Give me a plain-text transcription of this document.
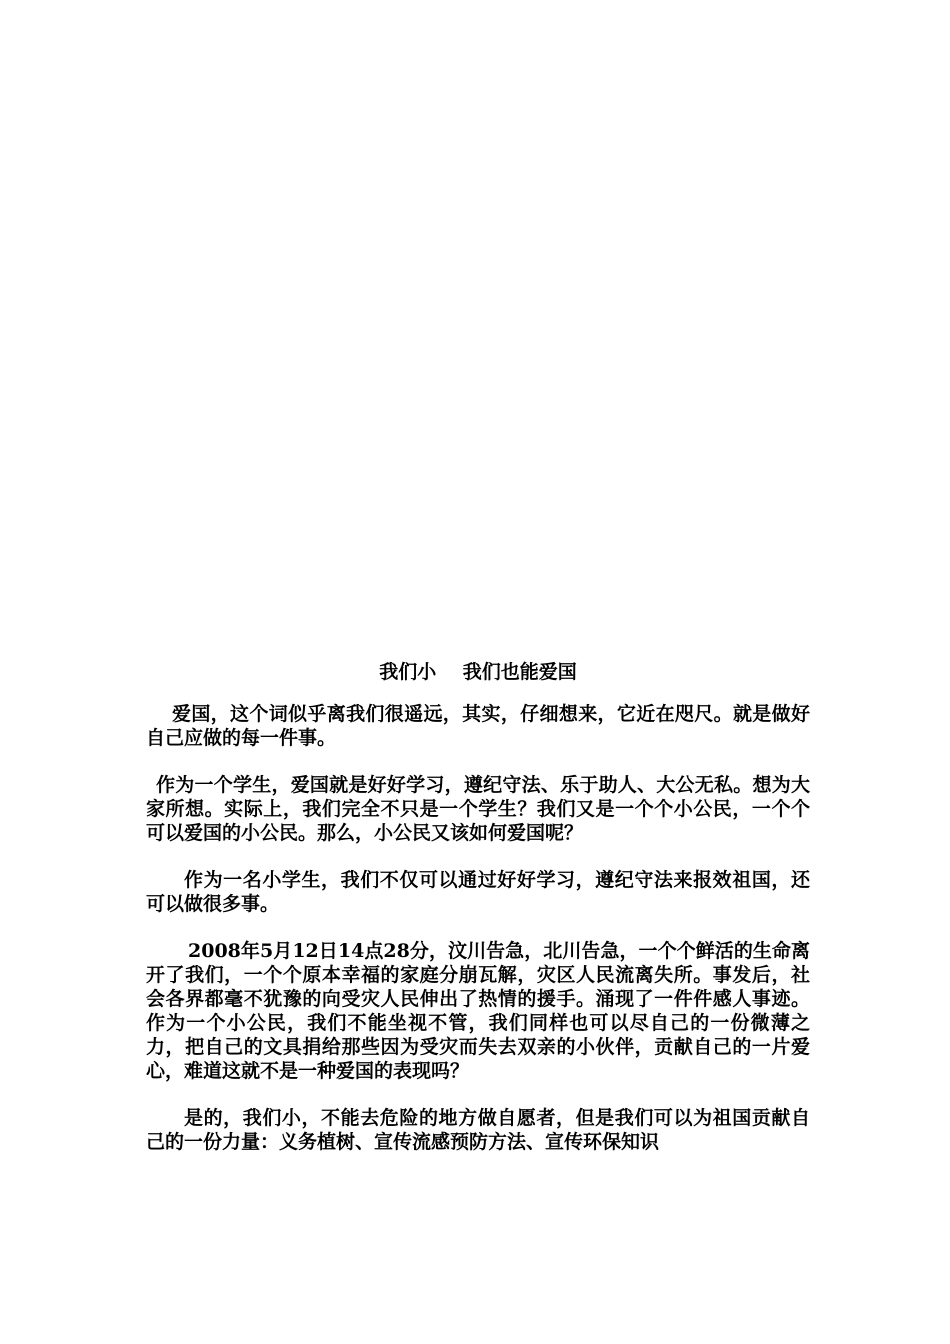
我们小    我们也能爱国

爱国，这个词似乎离我们很遥远，其实，仔细想来，它近在咫尺。就是做好自己应做的每一件事。

作为一个学生，爱国就是好好学习，遵纪守法、乐于助人、大公无私。想为大家所想。实际上，我们完全不只是一个学生？我们又是一个个小公民，一个个可以爱国的小公民。那么，小公民又该如何爱国呢？

作为一名小学生，我们不仅可以通过好好学习，遵纪守法来报效祖国，还可以做很多事。

2008年5月12日14点28分，汶川告急，北川告急，一个个鲜活的生命离开了我们，一个个原本幸福的家庭分崩瓦解，灾区人民流离失所。事发后，社会各界都毫不犹豫的向受灾人民伸出了热情的援手。涌现了一件件感人事迹。作为一个小公民，我们不能坐视不管，我们同样也可以尽自己的一份微薄之力，把自己的文具捐给那些因为受灾而失去双亲的小伙伴，贡献自己的一片爱心，难道这就不是一种爱国的表现吗？

是的，我们小，不能去危险的地方做自愿者，但是我们可以为祖国贡献自己的一份力量：义务植树、宣传流感预防方法、宣传环保知识
